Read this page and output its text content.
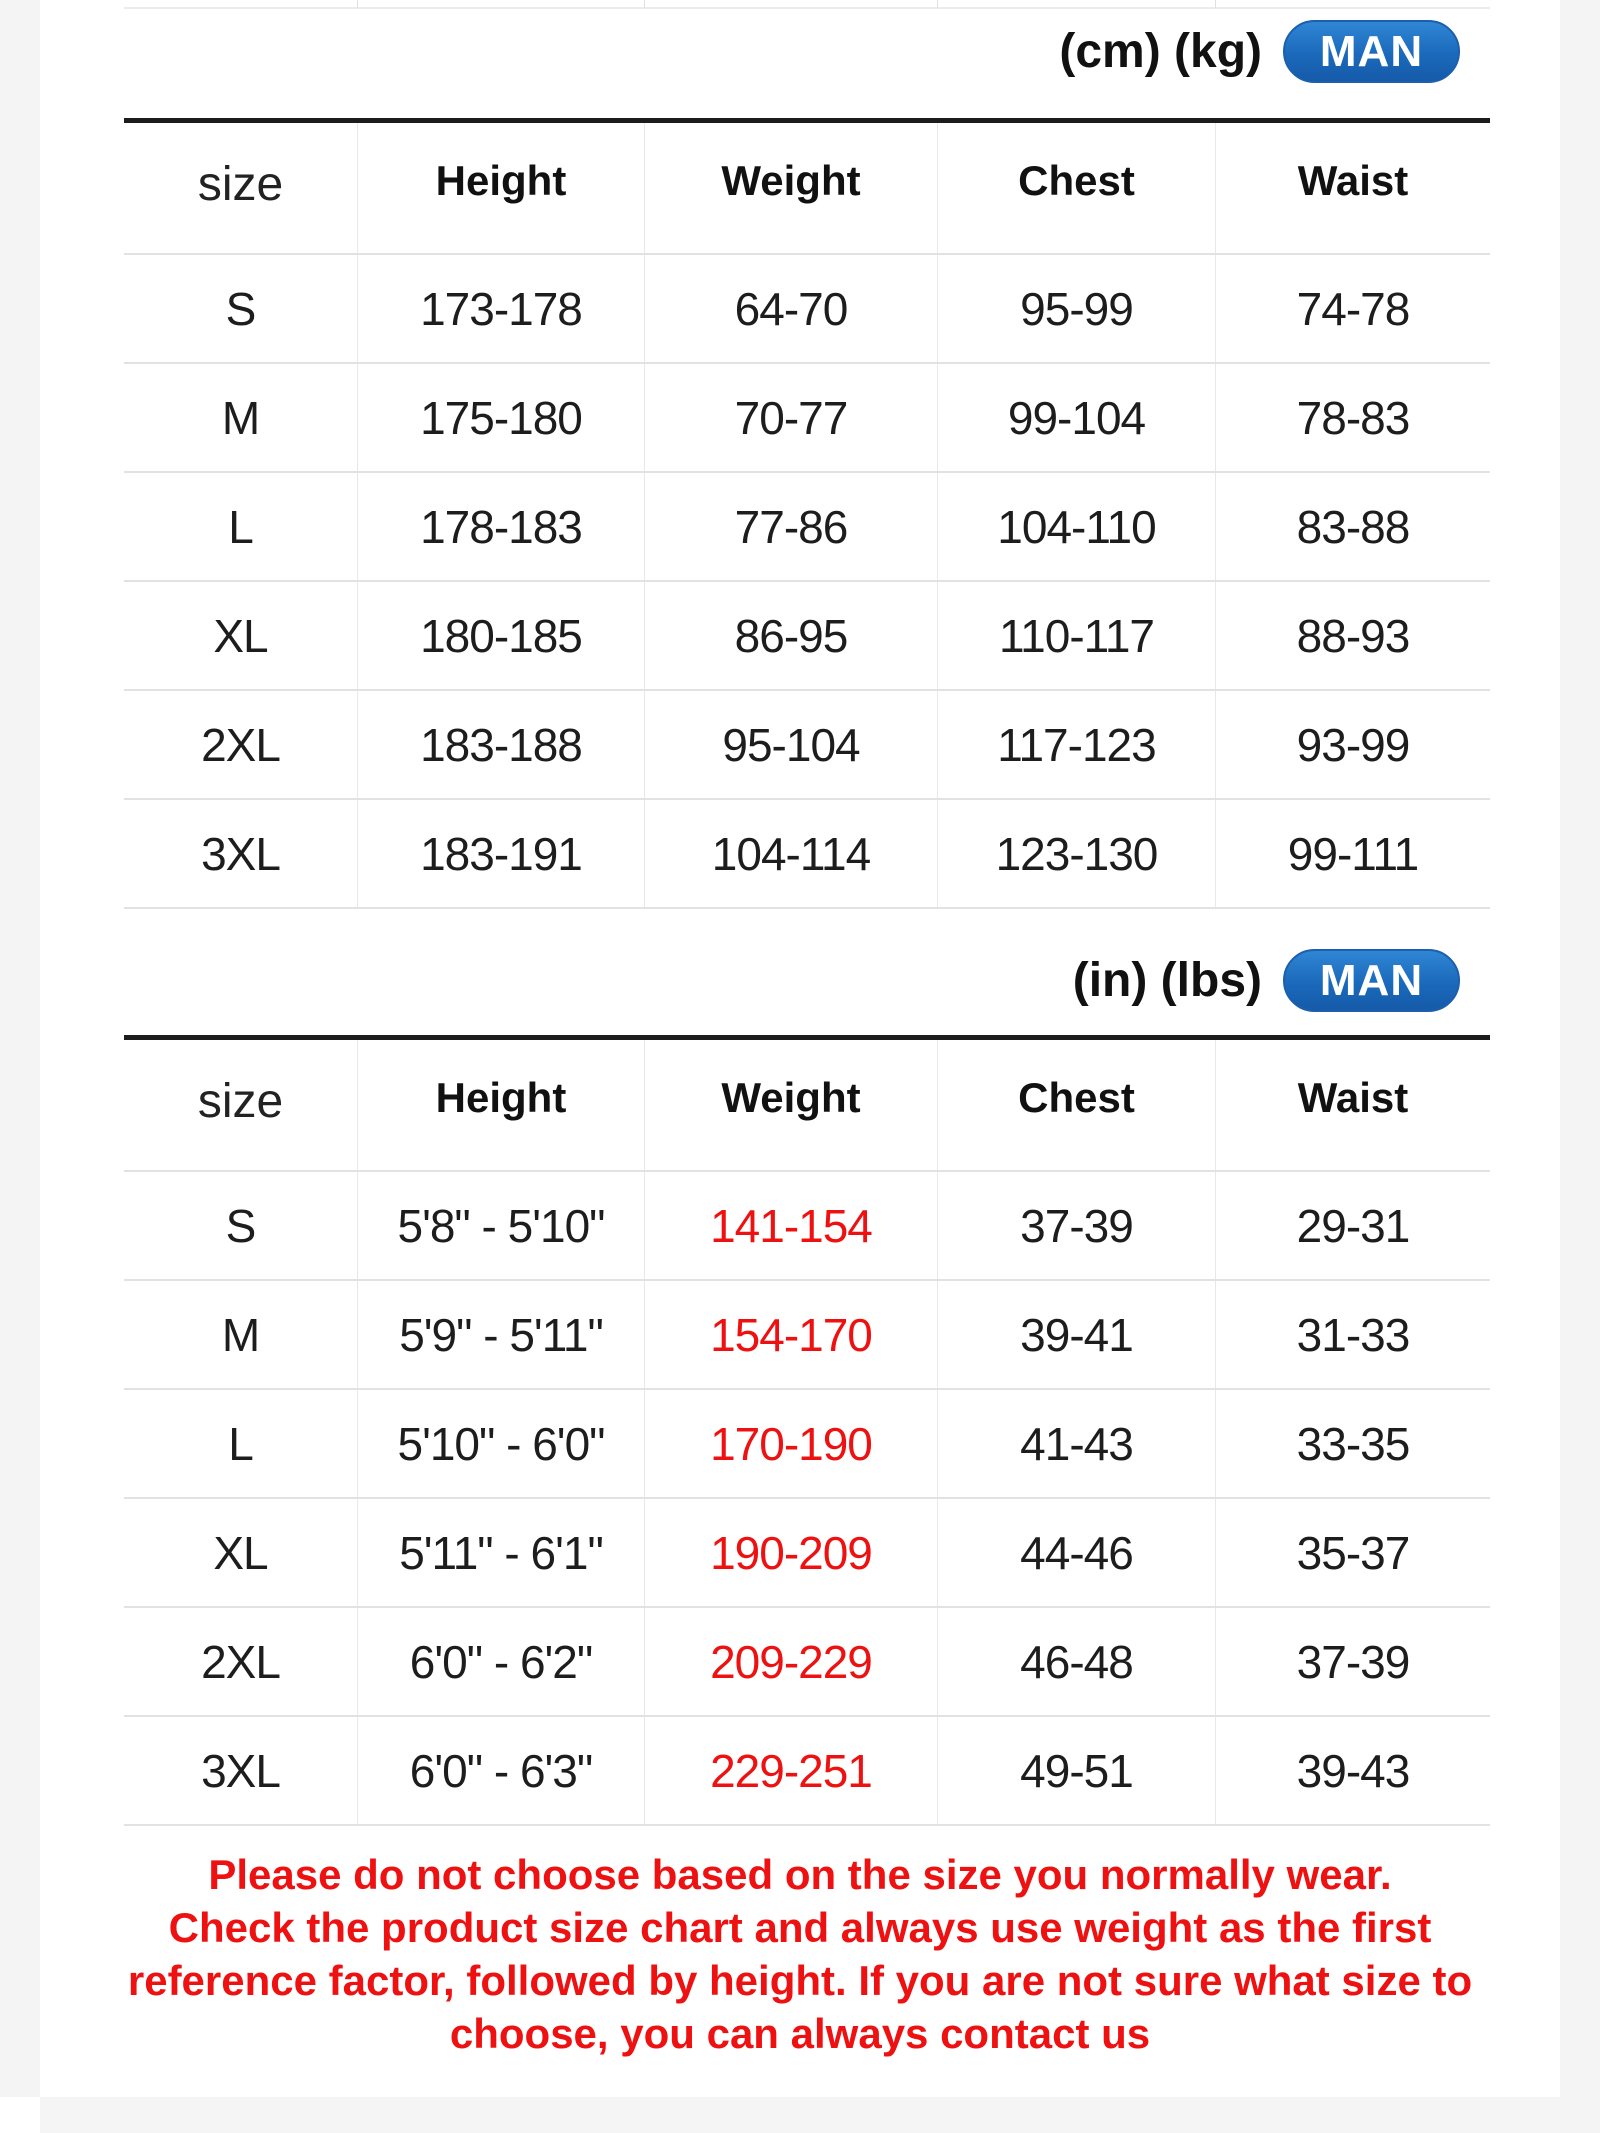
(cm) (kg)	MAN
size	Height	Weight	Chest	Waist
S	173-178	64-70	95-99	74-78
M	175-180	70-77	99-104	78-83
L	178-183	77-86	104-110	83-88
XL	180-185	86-95	110-117	88-93
2XL	183-188	95-104	117-123	93-99
3XL	183-191	104-114	123-130	99-111
(in) (lbs)	MAN
size	Height	Weight	Chest	Waist
S	5'8" - 5'10"	141-154	37-39	29-31
M	5'9" - 5'11"	154-170	39-41	31-33
L	5'10" - 6'0"	170-190	41-43	33-35
XL	5'11" - 6'1"	190-209	44-46	35-37
2XL	6'0" - 6'2"	209-229	46-48	37-39
3XL	6'0" - 6'3"	229-251	49-51	39-43
Please do not choose based on the size you normally wear.
Check the product size chart and always use weight as the first
reference factor, followed by height. If you are not sure what size to
choose, you can always contact us
